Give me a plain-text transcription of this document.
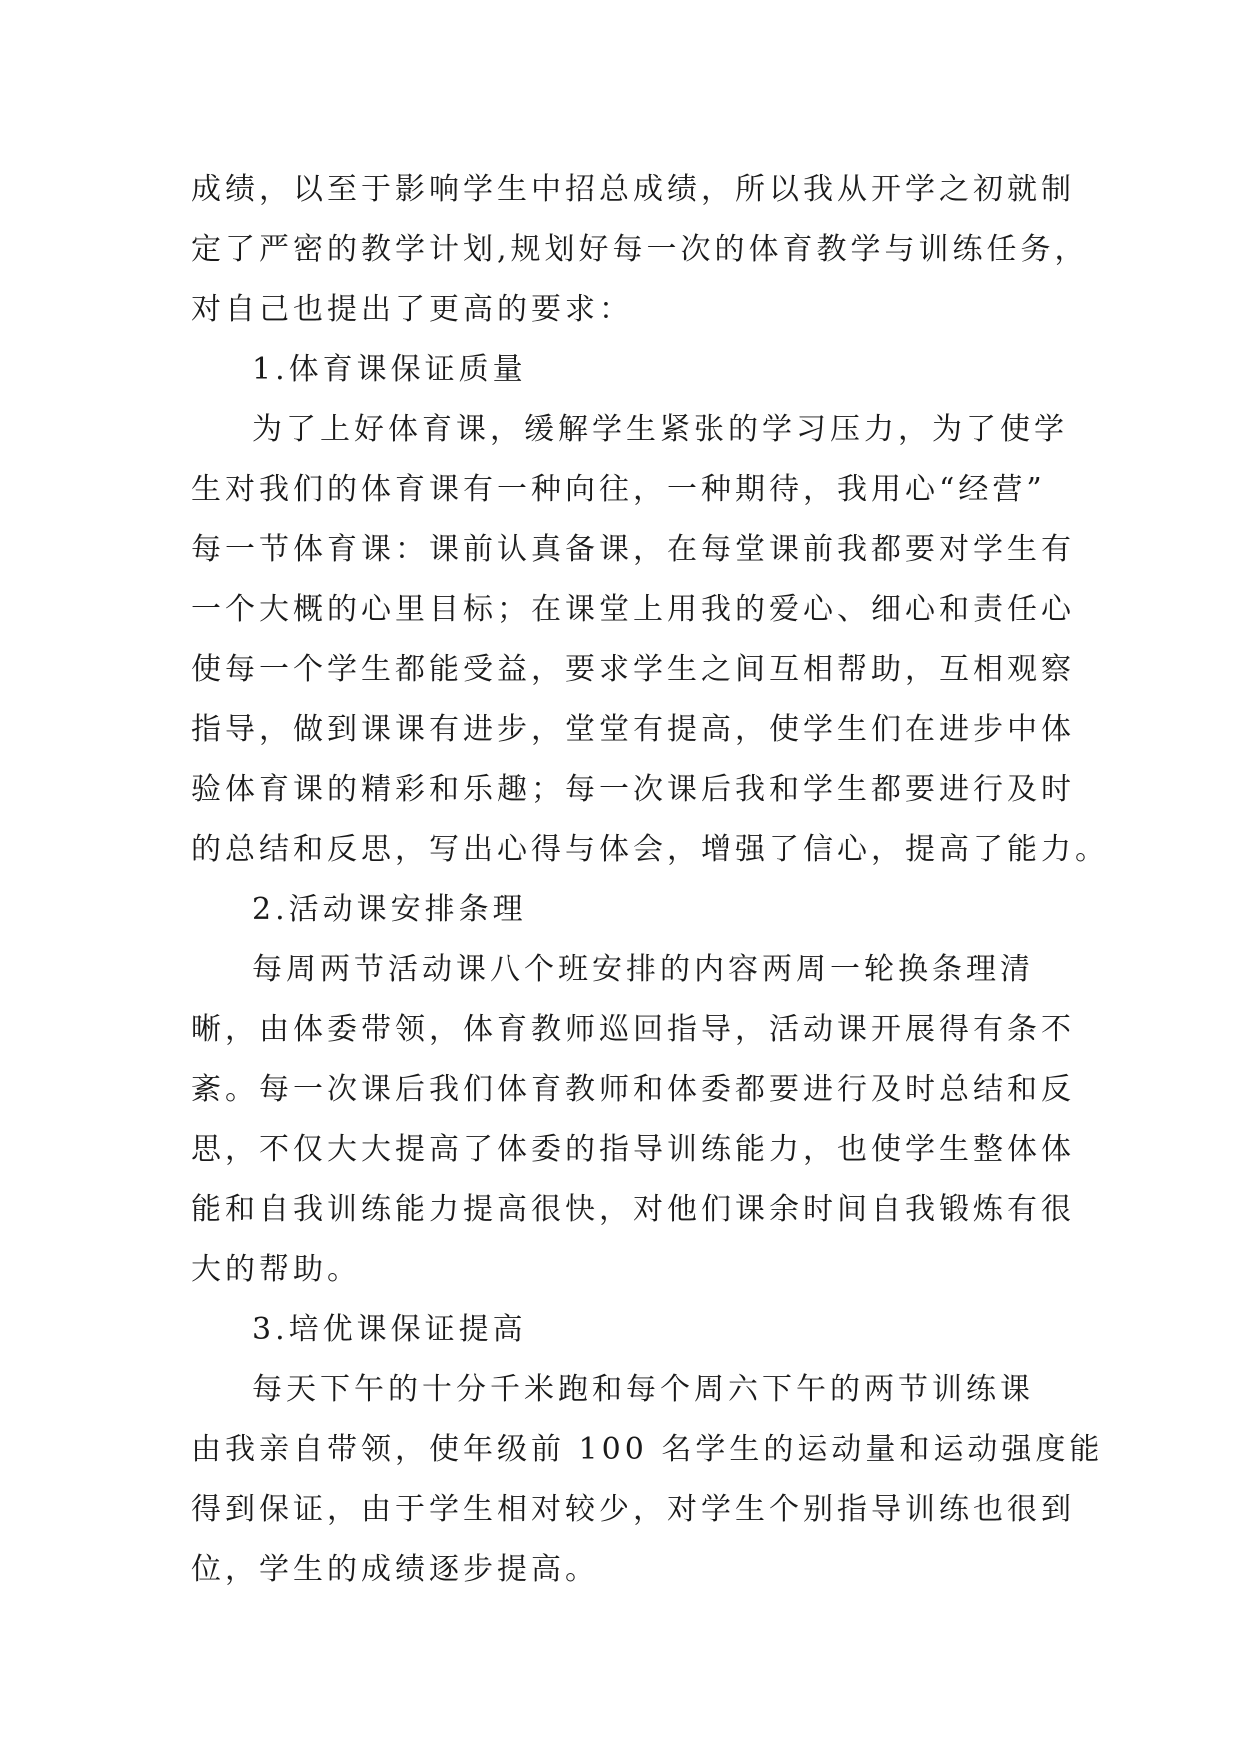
成绩，以至于影响学生中招总成绩，所以我从开学之初就制
定了严密的教学计划,规划好每一次的体育教学与训练任务，
对自己也提出了更高的要求：
1.体育课保证质量
为了上好体育课，缓解学生紧张的学习压力，为了使学
生对我们的体育课有一种向往，一种期待，我用心“经营”
每一节体育课：课前认真备课，在每堂课前我都要对学生有
一个大概的心里目标；在课堂上用我的爱心、细心和责任心
使每一个学生都能受益，要求学生之间互相帮助，互相观察
指导，做到课课有进步，堂堂有提高，使学生们在进步中体
验体育课的精彩和乐趣；每一次课后我和学生都要进行及时
的总结和反思，写出心得与体会，增强了信心，提高了能力。
2.活动课安排条理
每周两节活动课八个班安排的内容两周一轮换条理清
晰，由体委带领，体育教师巡回指导，活动课开展得有条不
紊。每一次课后我们体育教师和体委都要进行及时总结和反
思，不仅大大提高了体委的指导训练能力，也使学生整体体
能和自我训练能力提高很快，对他们课余时间自我锻炼有很
大的帮助。
3.培优课保证提高
每天下午的十分千米跑和每个周六下午的两节训练课
由我亲自带领，使年级前 100 名学生的运动量和运动强度能
得到保证，由于学生相对较少，对学生个别指导训练也很到
位，学生的成绩逐步提高。
